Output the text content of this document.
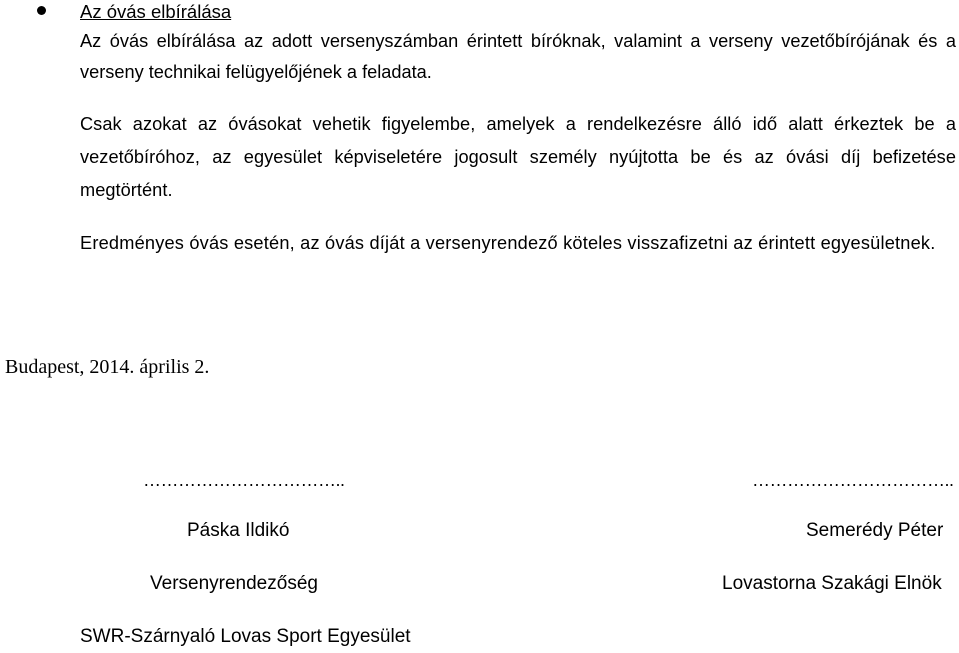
Az óvás elbírálása

Az óvás elbírálása az adott versenyszámban érintett bíróknak, valamint a verseny vezetőbírójának és a verseny technikai felügyelőjének a feladata.

Csak azokat az óvásokat vehetik figyelembe, amelyek a rendelkezésre álló idő alatt érkeztek be a vezetőbíróhoz, az egyesület képviseletére jogosult személy nyújtotta be és az óvási díj befizetése megtörtént.

Eredményes óvás esetén, az óvás díját a versenyrendező köteles visszafizetni az érintett egyesületnek.

Budapest, 2014. április 2.
……………………………..	……………………………..
Páska Ildikó	Semerédy Péter
Versenyrendezőség	Lovastorna Szakági Elnök
SWR-Szárnyaló Lovas Sport Egyesület
